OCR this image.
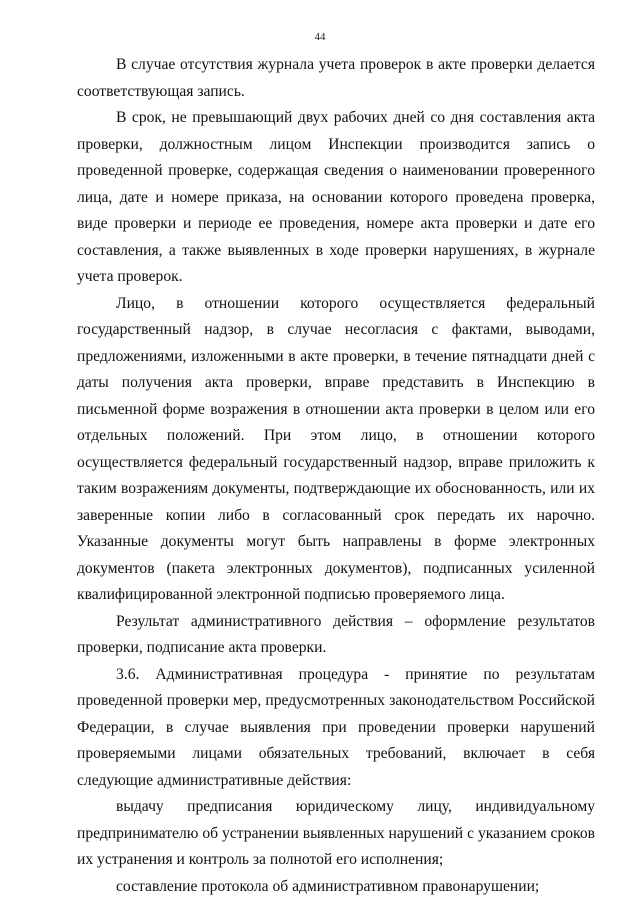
44

В случае отсутствия журнала учета проверок в акте проверки делается соответствующая запись.

В срок, не превышающий двух рабочих дней со дня составления акта проверки, должностным лицом Инспекции производится запись о проведенной проверке, содержащая сведения о наименовании проверенного лица, дате и номере приказа, на основании которого проведена проверка, виде проверки и периоде ее проведения, номере акта проверки и дате его составления, а также выявленных в ходе проверки нарушениях, в журнале учета проверок.

Лицо, в отношении которого осуществляется федеральный государственный надзор, в случае несогласия с фактами, выводами, предложениями, изложенными в акте проверки, в течение пятнадцати дней с даты получения акта проверки, вправе представить в Инспекцию в письменной форме возражения в отношении акта проверки в целом или его отдельных положений. При этом лицо, в отношении которого осуществляется федеральный государственный надзор, вправе приложить к таким возражениям документы, подтверждающие их обоснованность, или их заверенные копии либо в согласованный срок передать их нарочно. Указанные документы могут быть направлены в форме электронных документов (пакета электронных документов), подписанных усиленной квалифицированной электронной подписью проверяемого лица.

Результат административного действия – оформление результатов проверки, подписание акта проверки.

3.6. Административная процедура - принятие по результатам проведенной проверки мер, предусмотренных законодательством Российской Федерации, в случае выявления при проведении проверки нарушений проверяемыми лицами обязательных требований, включает в себя следующие административные действия:

выдачу предписания юридическому лицу, индивидуальному предпринимателю об устранении выявленных нарушений с указанием сроков их устранения и контроль за полнотой его исполнения;

составление протокола об административном правонарушении;
